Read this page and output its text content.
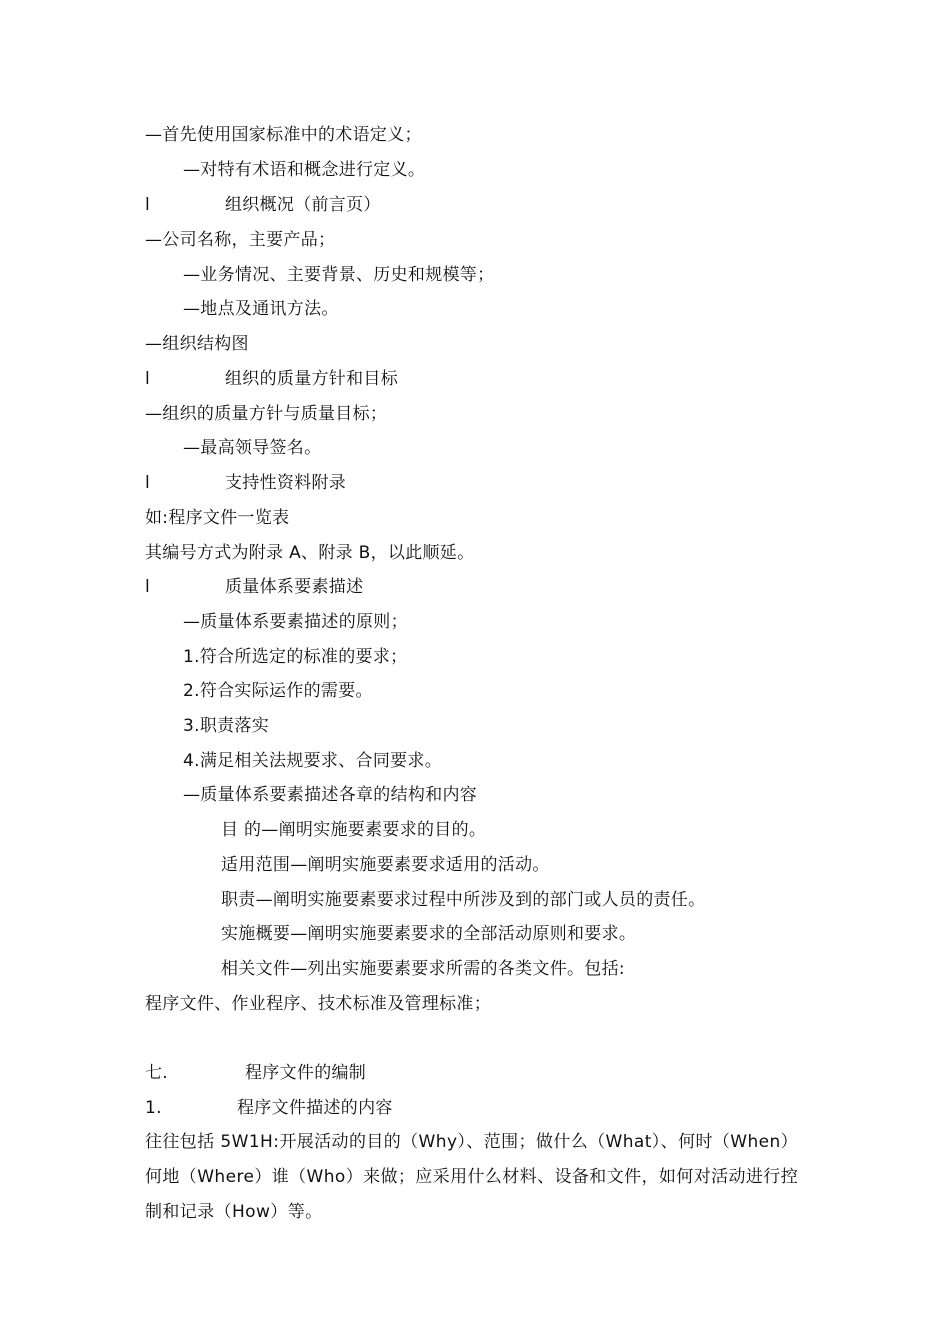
—首先使用国家标准中的术语定义；
—对特有术语和概念进行定义。
l	组织概况（前言页）
—公司名称，主要产品；
—业务情况、主要背景、历史和规模等；
—地点及通讯方法。
—组织结构图
l	组织的质量方针和目标
—组织的质量方针与质量目标；
—最高领导签名。
l	支持性资料附录
如:程序文件一览表
其编号方式为附录 A、附录 B，以此顺延。
l	质量体系要素描述
—质量体系要素描述的原则；
1.符合所选定的标准的要求；
2.符合实际运作的需要。
3.职责落实
4.满足相关法规要求、合同要求。
—质量体系要素描述各章的结构和内容
目 的—阐明实施要素要求的目的。
适用范围—阐明实施要素要求适用的活动。
职责—阐明实施要素要求过程中所涉及到的部门或人员的责任。
实施概要—阐明实施要素要求的全部活动原则和要求。
相关文件—列出实施要素要求所需的各类文件。包括:
程序文件、作业程序、技术标准及管理标准；
七.	程序文件的编制
1.	程序文件描述的内容
往往包括 5W1H:开展活动的目的（Why）、范围；做什么（What）、何时（When）何地（Where）谁（Who）来做；应采用什么材料、设备和文件，如何对活动进行控制和记录（How）等。
